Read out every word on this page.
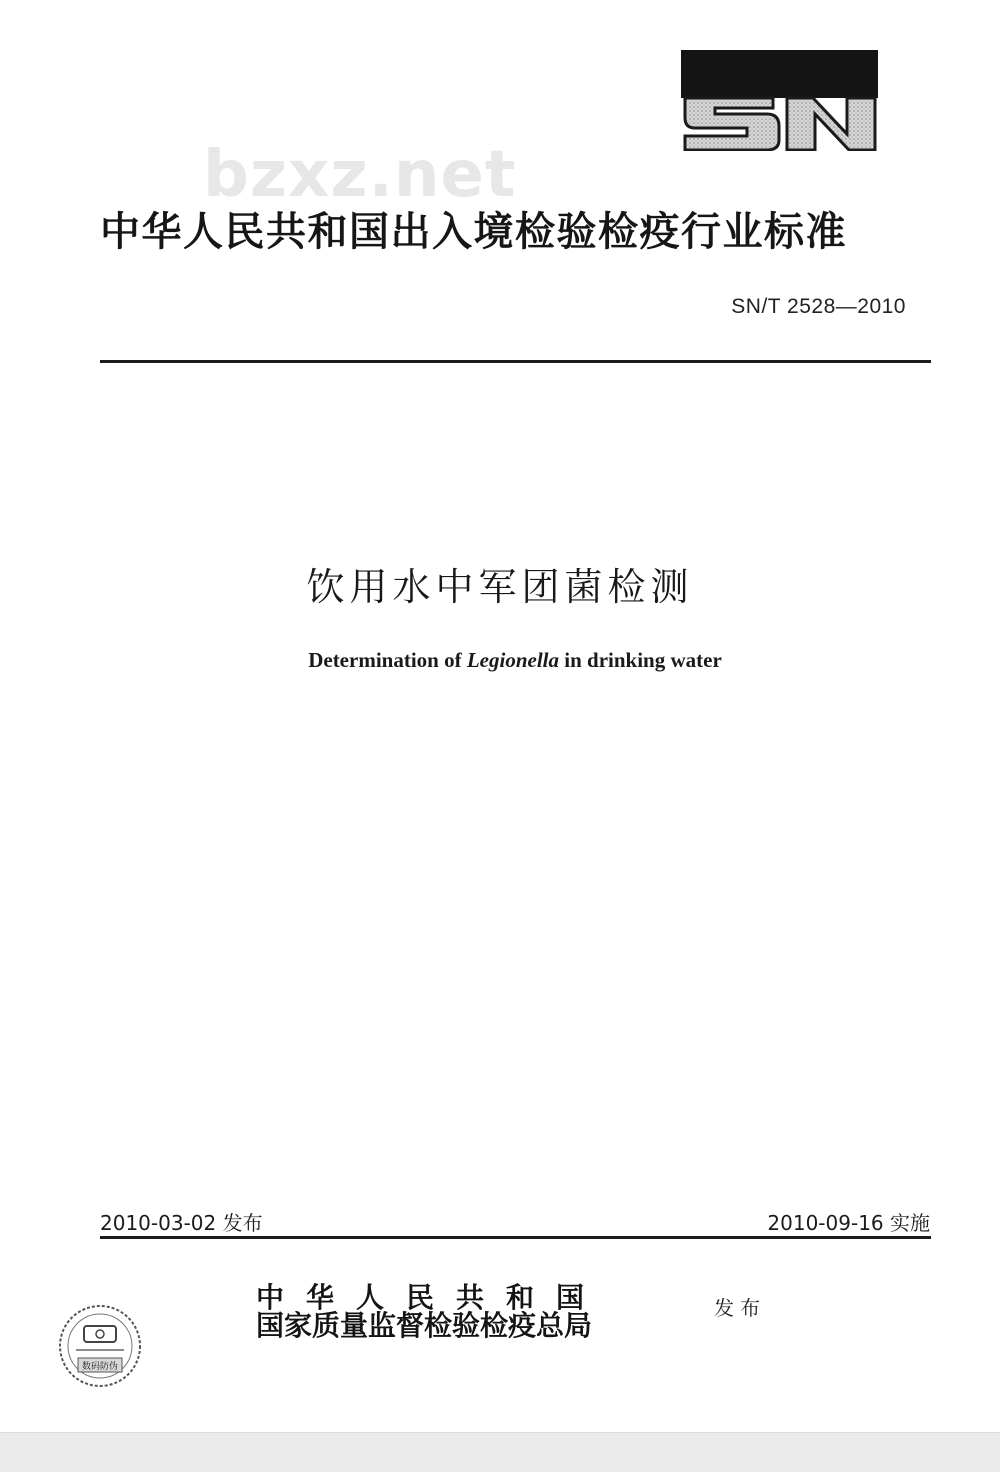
bzxz.net
中华人民共和国出入境检验检疫行业标准
SN/T 2528—2010
饮用水中军团菌检测
Determination of Legionella in drinking water
2010-03-02 发布	2010-09-16 实施
数码防伪
中华人民共和国
国家质量监督检验检疫总局
发布
